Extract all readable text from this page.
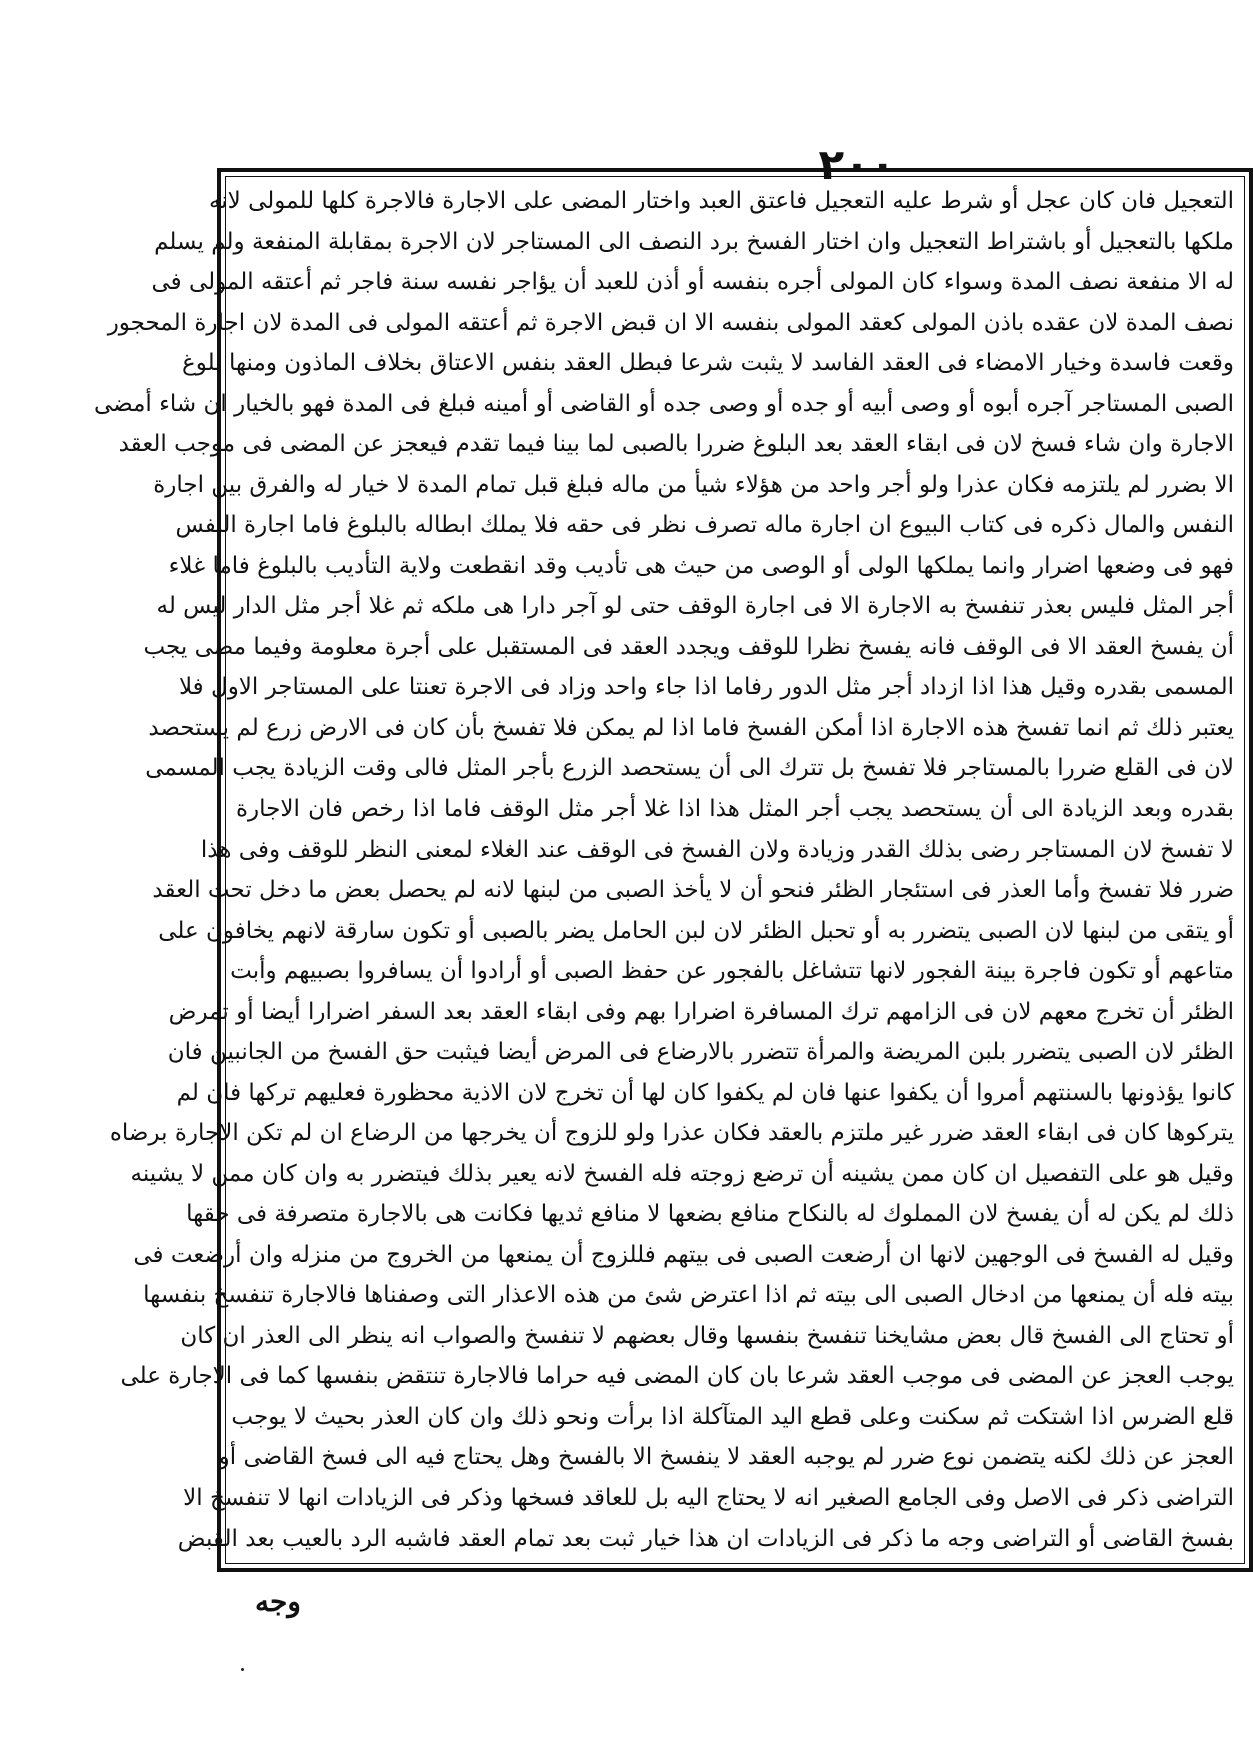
٢٠٠
التعجيل فان كان عجل أو شرط عليه التعجيل فاعتق العبد واختار المضى على الاجارة فالاجرة كلها للمولى لانه
ملكها بالتعجيل أو باشتراط التعجيل وان اختار الفسخ برد النصف الى المستاجر لان الاجرة بمقابلة المنفعة ولم يسلم
له الا منفعة نصف المدة وسواء كان المولى أجره بنفسه أو أذن للعبد أن يؤاجر نفسه سنة فاجر ثم أعتقه المولى فى
نصف المدة لان عقده باذن المولى كعقد المولى بنفسه الا ان قبض الاجرة ثم أعتقه المولى فى المدة لان اجارة المحجور
وقعت فاسدة وخيار الامضاء فى العقد الفاسد لا يثبت شرعا فبطل العقد بنفس الاعتاق بخلاف الماذون ومنها بلوغ
الصبى المستاجر آجره أبوه أو وصى أبيه أو جده أو وصى جده أو القاضى أو أمينه فبلغ فى المدة فهو بالخيار ان شاء أمضى
الاجارة وان شاء فسخ لان فى ابقاء العقد بعد البلوغ ضررا بالصبى لما بينا فيما تقدم فيعجز عن المضى فى موجب العقد
الا بضرر لم يلتزمه فكان عذرا ولو أجر واحد من هؤلاء شيأ من ماله فبلغ قبل تمام المدة لا خيار له والفرق بين اجارة
النفس والمال ذكره فى كتاب البيوع ان اجارة ماله تصرف نظر فى حقه فلا يملك ابطاله بالبلوغ فاما اجارة النفس
فهو فى وضعها اضرار وانما يملكها الولى أو الوصى من حيث هى تأديب وقد انقطعت ولاية التأديب بالبلوغ فاما غلاء
أجر المثل فليس بعذر تنفسخ به الاجارة الا فى اجارة الوقف حتى لو آجر دارا هى ملكه ثم غلا أجر مثل الدار ليس له
أن يفسخ العقد الا فى الوقف فانه يفسخ نظرا للوقف ويجدد العقد فى المستقبل على أجرة معلومة وفيما مضى يجب
المسمى بقدره وقيل هذا اذا ازداد أجر مثل الدور رفاما اذا جاء واحد وزاد فى الاجرة تعنتا على المستاجر الاول فلا
يعتبر ذلك ثم انما تفسخ هذه الاجارة اذا أمكن الفسخ فاما اذا لم يمكن فلا تفسخ بأن كان فى الارض زرع لم يستحصد
لان فى القلع ضررا بالمستاجر فلا تفسخ بل تترك الى أن يستحصد الزرع بأجر المثل فالى وقت الزيادة يجب المسمى
بقدره وبعد الزيادة الى أن يستحصد يجب أجر المثل هذا اذا غلا أجر مثل الوقف فاما اذا رخص فان الاجارة
لا تفسخ لان المستاجر رضى بذلك القدر وزيادة ولان الفسخ فى الوقف عند الغلاء لمعنى النظر للوقف وفى هذا
ضرر فلا تفسخ وأما العذر فى استئجار الظئر فنحو أن لا يأخذ الصبى من لبنها لانه لم يحصل بعض ما دخل تحت العقد
أو يتقى من لبنها لان الصبى يتضرر به أو تحبل الظئر لان لبن الحامل يضر بالصبى أو تكون سارقة لانهم يخافون على
متاعهم أو تكون فاجرة بينة الفجور لانها تتشاغل بالفجور عن حفظ الصبى أو أرادوا أن يسافروا بصبيهم وأبت
الظئر أن تخرج معهم لان فى الزامهم ترك المسافرة اضرارا بهم وفى ابقاء العقد بعد السفر اضرارا أيضا أو تمرض
الظئر لان الصبى يتضرر بلبن المريضة والمرأة تتضرر بالارضاع فى المرض أيضا فيثبت حق الفسخ من الجانبين فان
كانوا يؤذونها بالسنتهم أمروا أن يكفوا عنها فان لم يكفوا كان لها أن تخرج لان الاذية محظورة فعليهم تركها فان لم
يتركوها كان فى ابقاء العقد ضرر غير ملتزم بالعقد فكان عذرا ولو للزوج أن يخرجها من الرضاع ان لم تكن الاجارة برضاه
وقيل هو على التفصيل ان كان ممن يشينه أن ترضع زوجته فله الفسخ لانه يعير بذلك فيتضرر به وان كان ممن لا يشينه
ذلك لم يكن له أن يفسخ لان المملوك له بالنكاح منافع بضعها لا منافع ثديها فكانت هى بالاجارة متصرفة فى حقها
وقيل له الفسخ فى الوجهين لانها ان أرضعت الصبى فى بيتهم فللزوج أن يمنعها من الخروج من منزله وان أرضعت فى
بيته فله أن يمنعها من ادخال الصبى الى بيته ثم اذا اعترض شئ من هذه الاعذار التى وصفناها فالاجارة تنفسخ بنفسها
أو تحتاج الى الفسخ قال بعض مشايخنا تنفسخ بنفسها وقال بعضهم لا تنفسخ والصواب انه ينظر الى العذر ان كان
يوجب العجز عن المضى فى موجب العقد شرعا بان كان المضى فيه حراما فالاجارة تنتقض بنفسها كما فى الاجارة على
قلع الضرس اذا اشتكت ثم سكنت وعلى قطع اليد المتآكلة اذا برأت ونحو ذلك وان كان العذر بحيث لا يوجب
العجز عن ذلك لكنه يتضمن نوع ضرر لم يوجبه العقد لا ينفسخ الا بالفسخ وهل يحتاج فيه الى فسخ القاضى أو
التراضى ذكر فى الاصل وفى الجامع الصغير انه لا يحتاج اليه بل للعاقد فسخها وذكر فى الزيادات انها لا تنفسخ الا
بفسخ القاضى أو التراضى وجه ما ذكر فى الزيادات ان هذا خيار ثبت بعد تمام العقد فاشبه الرد بالعيب بعد القبض
وجه
